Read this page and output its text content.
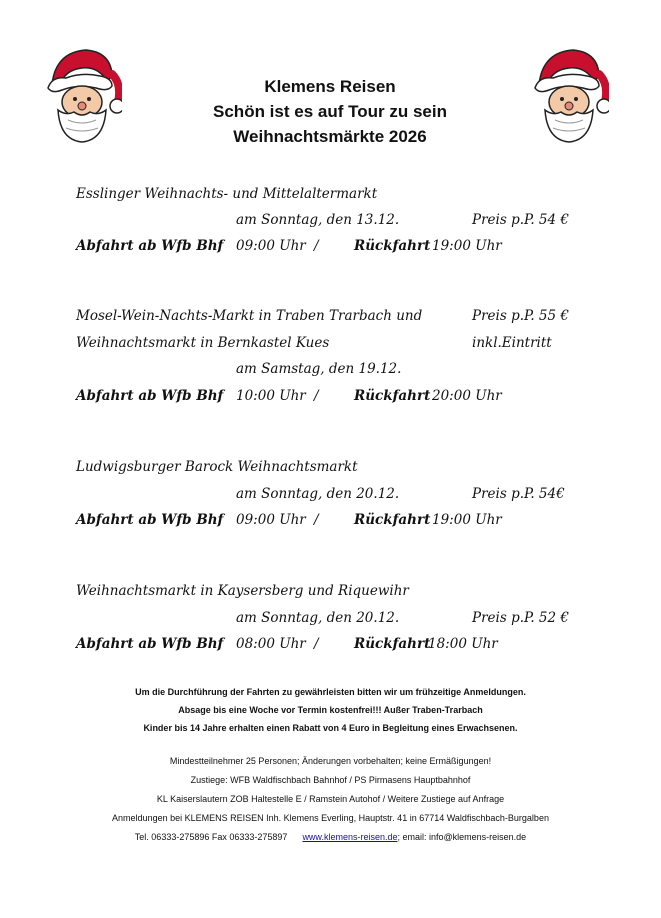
Klemens Reisen
Schön ist es auf Tour zu sein
Weihnachtsmärkte 2026
Esslinger Weihnachts- und Mittelaltermarkt
am Sonntag, den 13.12.	Preis p.P. 54 €
Abfahrt ab Wfb Bhf 09:00 Uhr /	Rückfahrt 19:00 Uhr
Mosel-Wein-Nachts-Markt in Traben Trarbach und	Preis p.P. 55 €
Weihnachtsmarkt in Bernkastel Kues	inkl.Eintritt
am Samstag, den 19.12.
Abfahrt ab Wfb Bhf 10:00 Uhr /	Rückfahrt 20:00 Uhr
Ludwigsburger Barock Weihnachtsmarkt
am Sonntag, den 20.12.	Preis p.P. 54€
Abfahrt ab Wfb Bhf 09:00 Uhr /	Rückfahrt 19:00 Uhr
Weihnachtsmarkt in Kaysersberg und Riquewihr
am Sonntag, den 20.12.	Preis p.P. 52 €
Abfahrt ab Wfb Bhf 08:00 Uhr /	Rückfahrt
18:00 Uhr
Um die Durchführung der Fahrten zu gewährleisten bitten wir um frühzeitige Anmeldungen.
Absage bis eine Woche vor Termin kostenfrei!!! Außer Traben-Trarbach
Kinder bis 14 Jahre erhalten einen Rabatt von 4 Euro in Begleitung eines Erwachsenen.
Mindestteilnehmer 25 Personen; Änderungen vorbehalten; keine Ermäßigungen!
Zustiege: WFB Waldfischbach Bahnhof / PS Pirmasens Hauptbahnhof
KL Kaiserslautern ZOB Haltestelle E / Ramstein Autohof / Weitere Zustiege auf Anfrage
Anmeldungen bei KLEMENS REISEN Inh. Klemens Everling, Hauptstr. 41 in 67714 Waldfischbach-Burgalben
Tel. 06333-275896 Fax 06333-275897 www.klemens-reisen.de; email: info@klemens-reisen.de
